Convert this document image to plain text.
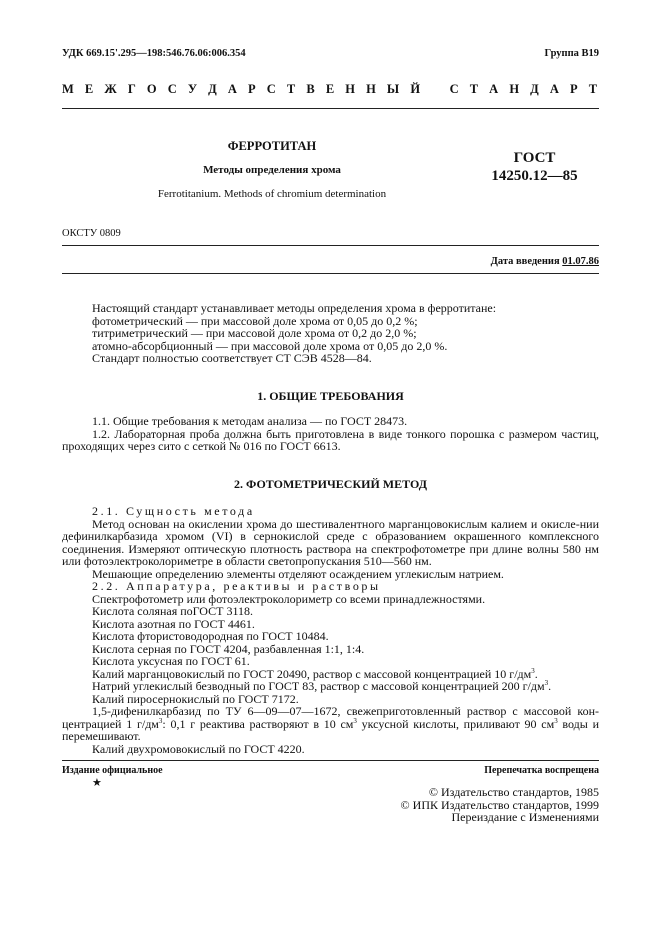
УДК 669.15'.295—198:546.76.06:006.354	Группа В19
М Е Ж Г О С У Д А Р С Т В Е Н Н Ы Й   С Т А Н Д А Р Т
ФЕРРОТИТАН
Методы определения хрома
Ferrotitanium. Methods of chromium determination
ГОСТ
14250.12—85
ОКСТУ 0809
Дата введения 01.07.86

Настоящий стандарт устанавливает методы определения хрома в ферротитане:

фотометрический — при массовой доле хрома от 0,05 до 0,2 %;

титриметрический — при массовой доле хрома от 0,2 до 2,0 %;

атомно-абсорбционный — при массовой доле хрома от 0,05 до 2,0 %.

Стандарт полностью соответствует СТ СЭВ 4528—84.

1. ОБЩИЕ ТРЕБОВАНИЯ

1.1. Общие требования к методам анализа — по ГОСТ 28473.

1.2. Лабораторная проба должна быть приготовлена в виде тонкого порошка с размером частиц, проходящих через сито с сеткой № 016 по ГОСТ 6613.

2. ФОТОМЕТРИЧЕСКИЙ МЕТОД

2.1. Сущность метода

Метод основан на окислении хрома до шестивалентного марганцовокислым калием и окисле-нии дефинилкарбазида хромом (VI) в сернокислой среде с образованием окрашенного комплексного соединения. Измеряют оптическую плотность раствора на спектрофотометре при длине волны 580 нм или фотоэлектроколориметре в области светопропускания 510—560 нм.

Мешающие определению элементы отделяют осаждением углекислым натрием.

2.2. Аппаратура, реактивы и растворы

Спектрофотометр или фотоэлектроколориметр со всеми принадлежностями.

Кислота соляная поГОСТ 3118.

Кислота азотная по ГОСТ 4461.

Кислота фтористоводородная по ГОСТ 10484.

Кислота серная по ГОСТ 4204, разбавленная 1:1, 1:4.

Кислота уксусная по ГОСТ 61.

Калий марганцовокислый по ГОСТ 20490, раствор с массовой концентрацией 10 $г/дм^3$.

Натрий углекислый безводный по ГОСТ 83, раствор с массовой концентрацией 200 $г/дм^3$.

Калий пиросернокислый по ГОСТ 7172.

1,5-дифенилкарбазид по ТУ 6—09—07—1672, свежеприготовленный раствор с массовой кон-центрацией 1 $г/дм^3$: 0,1 г реактива растворяют в 10 $см^3$ уксусной кислоты, приливают 90 $см^3$ воды и перемешивают.

Калий двухромовокислый по ГОСТ 4220.

Издание официальное
★
Перепечатка воспрещена

© Издательство стандартов, 1985

© ИПК Издательство стандартов, 1999

Переиздание с Изменениями
